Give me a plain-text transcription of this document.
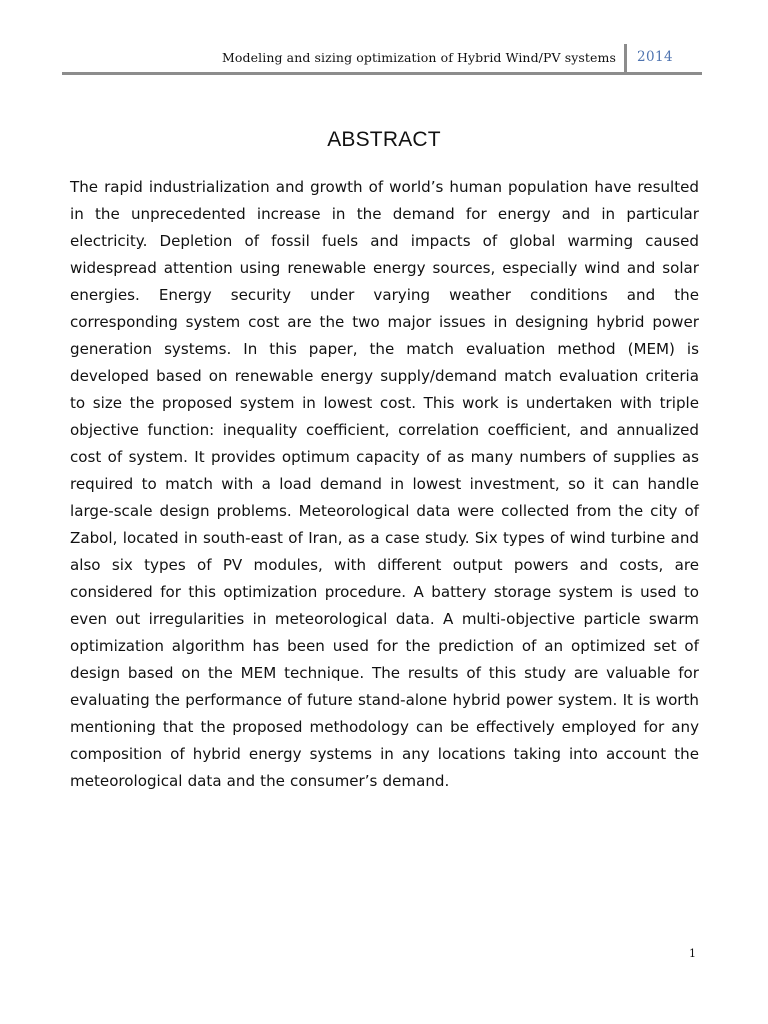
Modeling and sizing optimization of Hybrid Wind/PV systems 2014
ABSTRACT

The rapid industrialization and growth of world’s human population have resulted in the unprecedented increase in the demand for energy and in particular electricity. Depletion of fossil fuels and impacts of global warming caused widespread attention using renewable energy sources, especially wind and solar energies. Energy security under varying weather conditions and the corresponding system cost are the two major issues in designing hybrid power generation systems. In this paper, the match evaluation method (MEM) is developed based on renewable energy supply/demand match evaluation criteria to size the proposed system in lowest cost. This work is undertaken with triple objective function: inequality coefficient, correlation coefficient, and annualized cost of system. It provides optimum capacity of as many numbers of supplies as required to match with a load demand in lowest investment, so it can handle large-scale design problems. Meteorological data were collected from the city of Zabol, located in south-east of Iran, as a case study. Six types of wind turbine and also six types of PV modules, with different output powers and costs, are considered for this optimization procedure. A battery storage system is used to even out irregularities in meteorological data. A multi-objective particle swarm optimization algorithm has been used for the prediction of an optimized set of design based on the MEM technique. The results of this study are valuable for evaluating the performance of future stand-alone hybrid power system. It is worth mentioning that the proposed methodology can be effectively employed for any composition of hybrid energy systems in any locations taking into account the meteorological data and the consumer’s demand.

1
